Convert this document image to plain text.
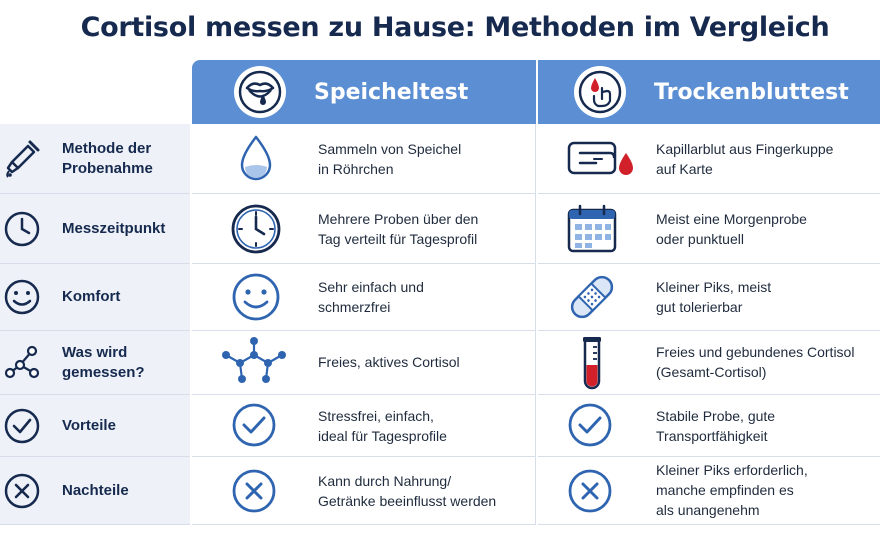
Cortisol messen zu Hause: Methoden im Vergleich
Speicheltest	Trockenbluttest
Methode der
Probenahme
Sammeln von Speichel
in Röhrchen
Kapillarblut aus Fingerkuppe
auf Karte
Messzeitpunkt
Mehrere Proben über den
Tag verteilt für Tagesprofil
Meist eine Morgenprobe
oder punktuell
Komfort
Sehr einfach und
schmerzfrei
Kleiner Piks, meist
gut tolerierbar
Was wird
gemessen?
Freies, aktives Cortisol
Freies und gebundenes Cortisol
(Gesamt-Cortisol)
Vorteile
Stressfrei, einfach,
ideal für Tagesprofile
Stabile Probe, gute
Transportfähigkeit
Nachteile
Kann durch Nahrung/
Getränke beeinflusst werden
Kleiner Piks erforderlich,
manche empfinden es
als unangenehm
